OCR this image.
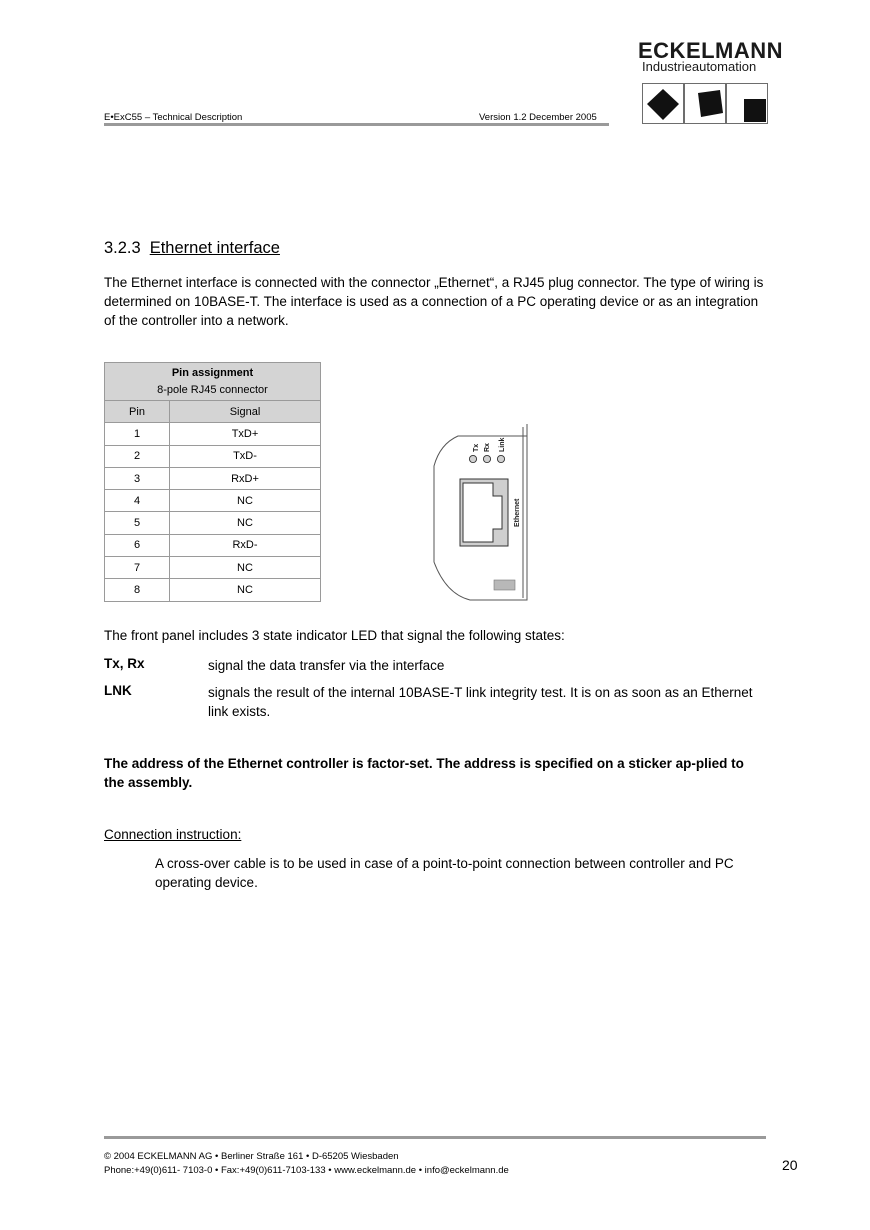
E•ExC55 – Technical Description	Version 1.2 December 2005
ECKELMANN
Industrieautomation
3.2.3 Ethernet interface
The Ethernet interface is connected with the connector „Ethernet“, a RJ45 plug connector. The type of wiring is determined on 10BASE-T. The interface is used as a connection of a PC operating device or as an integration of the controller into a network.
Pin assignment
8-pole RJ45 connector	

Pin	Signal
1	TxD+
2	TxD-
3	RxD+
4	NC
5	NC
6	RxD-
7	NC
8	NC
Tx Rx Link
Ethernet
The front panel includes 3 state indicator LED that signal the following states:
Tx, Rx	signal the data transfer via the interface
LNK	signals the result of the internal 10BASE-T link integrity test. It is on as soon as an Ethernet link exists.
The address of the Ethernet controller is factor-set. The address is specified on a sticker ap-plied to the assembly.
Connection instruction:
A cross-over cable is to be used in case of a point-to-point connection between controller and PC operating device.
© 2004 ECKELMANN AG • Berliner Straße 161 • D-65205 Wiesbaden
Phone:+49(0)611- 7103-0 • Fax:+49(0)611-7103-133 • www.eckelmann.de • info@eckelmann.de	20
